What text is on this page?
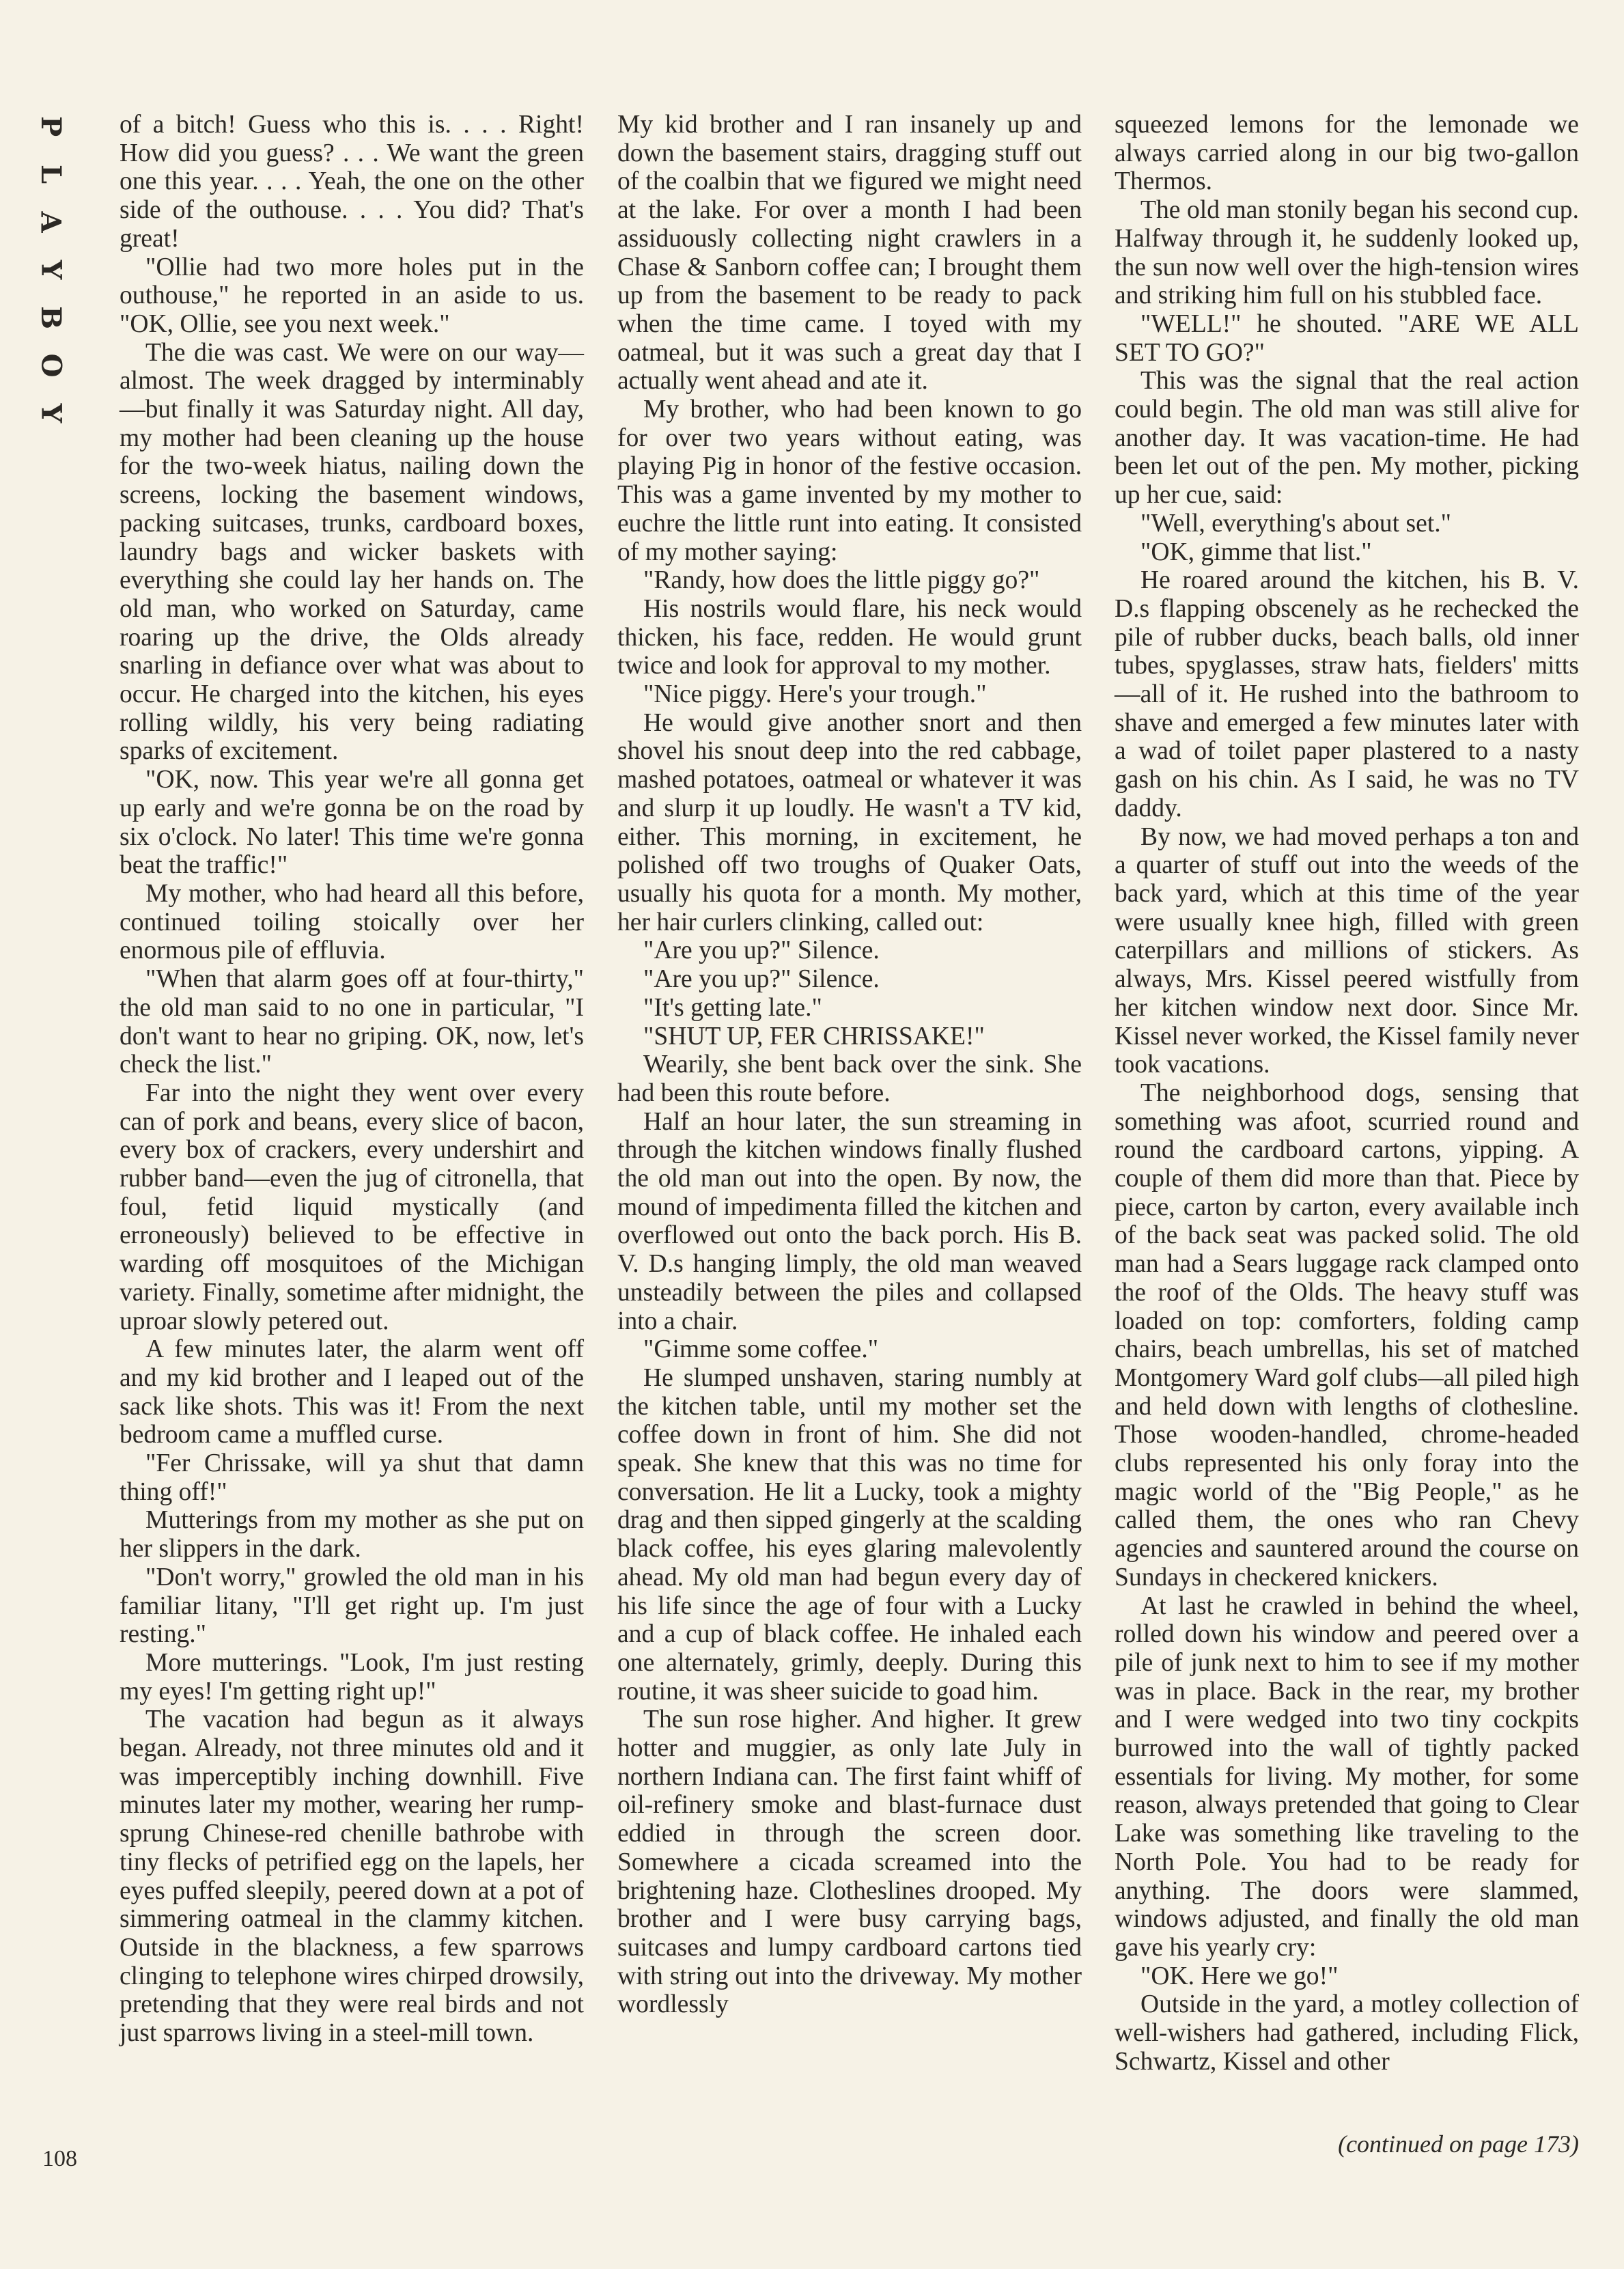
P
L
A
Y
B
O
Y

of a bitch! Guess who this is. . . . Right! How did you guess? . . . We want the green one this year. . . . Yeah, the one on the other side of the outhouse. . . . You did? That's great!

"Ollie had two more holes put in the outhouse," he reported in an aside to us. "OK, Ollie, see you next week."

The die was cast. We were on our way—almost. The week dragged by interminably—but finally it was Saturday night. All day, my mother had been cleaning up the house for the two-week hiatus, nailing down the screens, locking the basement windows, packing suitcases, trunks, cardboard boxes, laundry bags and wicker baskets with everything she could lay her hands on. The old man, who worked on Saturday, came roaring up the drive, the Olds already snarling in defiance over what was about to occur. He charged into the kitchen, his eyes rolling wildly, his very being radiating sparks of excitement.

"OK, now. This year we're all gonna get up early and we're gonna be on the road by six o'clock. No later! This time we're gonna beat the traffic!"

My mother, who had heard all this before, continued toiling stoically over her enormous pile of effluvia.

"When that alarm goes off at four-thirty," the old man said to no one in particular, "I don't want to hear no griping. OK, now, let's check the list."

Far into the night they went over every can of pork and beans, every slice of bacon, every box of crackers, every undershirt and rubber band—even the jug of citronella, that foul, fetid liquid mystically (and erroneously) believed to be effective in warding off mosquitoes of the Michigan variety. Finally, sometime after midnight, the uproar slowly petered out.

A few minutes later, the alarm went off and my kid brother and I leaped out of the sack like shots. This was it! From the next bedroom came a muffled curse.

"Fer Chrissake, will ya shut that damn thing off!"

Mutterings from my mother as she put on her slippers in the dark.

"Don't worry," growled the old man in his familiar litany, "I'll get right up. I'm just resting."

More mutterings. "Look, I'm just resting my eyes! I'm getting right up!"

The vacation had begun as it always began. Already, not three minutes old and it was imperceptibly inching downhill. Five minutes later my mother, wearing her rump-sprung Chinese-red chenille bathrobe with tiny flecks of petrified egg on the lapels, her eyes puffed sleepily, peered down at a pot of simmering oatmeal in the clammy kitchen. Outside in the blackness, a few sparrows clinging to telephone wires chirped drowsily, pretending that they were real birds and not just sparrows living in a steel-mill town.

My kid brother and I ran insanely up and down the basement stairs, dragging stuff out of the coalbin that we figured we might need at the lake. For over a month I had been assiduously collecting night crawlers in a Chase & Sanborn coffee can; I brought them up from the basement to be ready to pack when the time came. I toyed with my oatmeal, but it was such a great day that I actually went ahead and ate it.

My brother, who had been known to go for over two years without eating, was playing Pig in honor of the festive occasion. This was a game invented by my mother to euchre the little runt into eating. It consisted of my mother saying:

"Randy, how does the little piggy go?"

His nostrils would flare, his neck would thicken, his face, redden. He would grunt twice and look for approval to my mother.

"Nice piggy. Here's your trough."

He would give another snort and then shovel his snout deep into the red cabbage, mashed potatoes, oatmeal or whatever it was and slurp it up loudly. He wasn't a TV kid, either. This morning, in excitement, he polished off two troughs of Quaker Oats, usually his quota for a month. My mother, her hair curlers clinking, called out:

"Are you up?" Silence.

"Are you up?" Silence.

"It's getting late."

"SHUT UP, FER CHRISSAKE!"

Wearily, she bent back over the sink. She had been this route before.

Half an hour later, the sun streaming in through the kitchen windows finally flushed the old man out into the open. By now, the mound of impedimenta filled the kitchen and overflowed out onto the back porch. His B. V. D.s hanging limply, the old man weaved unsteadily between the piles and collapsed into a chair.

"Gimme some coffee."

He slumped unshaven, staring numbly at the kitchen table, until my mother set the coffee down in front of him. She did not speak. She knew that this was no time for conversation. He lit a Lucky, took a mighty drag and then sipped gingerly at the scalding black coffee, his eyes glaring malevolently ahead. My old man had begun every day of his life since the age of four with a Lucky and a cup of black coffee. He inhaled each one alternately, grimly, deeply. During this routine, it was sheer suicide to goad him.

The sun rose higher. And higher. It grew hotter and muggier, as only late July in northern Indiana can. The first faint whiff of oil-refinery smoke and blast-furnace dust eddied in through the screen door. Somewhere a cicada screamed into the brightening haze. Clotheslines drooped. My brother and I were busy carrying bags, suitcases and lumpy cardboard cartons tied with string out into the driveway. My mother wordlessly

squeezed lemons for the lemonade we always carried along in our big two-gallon Thermos.

The old man stonily began his second cup. Halfway through it, he suddenly looked up, the sun now well over the high-tension wires and striking him full on his stubbled face.

"WELL!" he shouted. "ARE WE ALL SET TO GO?"

This was the signal that the real action could begin. The old man was still alive for another day. It was vacation-time. He had been let out of the pen. My mother, picking up her cue, said:

"Well, everything's about set."

"OK, gimme that list."

He roared around the kitchen, his B. V. D.s flapping obscenely as he rechecked the pile of rubber ducks, beach balls, old inner tubes, spyglasses, straw hats, fielders' mitts—all of it. He rushed into the bathroom to shave and emerged a few minutes later with a wad of toilet paper plastered to a nasty gash on his chin. As I said, he was no TV daddy.

By now, we had moved perhaps a ton and a quarter of stuff out into the weeds of the back yard, which at this time of the year were usually knee high, filled with green caterpillars and millions of stickers. As always, Mrs. Kissel peered wistfully from her kitchen window next door. Since Mr. Kissel never worked, the Kissel family never took vacations.

The neighborhood dogs, sensing that something was afoot, scurried round and round the cardboard cartons, yipping. A couple of them did more than that. Piece by piece, carton by carton, every available inch of the back seat was packed solid. The old man had a Sears luggage rack clamped onto the roof of the Olds. The heavy stuff was loaded on top: comforters, folding camp chairs, beach umbrellas, his set of matched Montgomery Ward golf clubs—all piled high and held down with lengths of clothesline. Those wooden-handled, chrome-headed clubs represented his only foray into the magic world of the "Big People," as he called them, the ones who ran Chevy agencies and sauntered around the course on Sundays in checkered knickers.

At last he crawled in behind the wheel, rolled down his window and peered over a pile of junk next to him to see if my mother was in place. Back in the rear, my brother and I were wedged into two tiny cockpits burrowed into the wall of tightly packed essentials for living. My mother, for some reason, always pretended that going to Clear Lake was something like traveling to the North Pole. You had to be ready for anything. The doors were slammed, windows adjusted, and finally the old man gave his yearly cry:

"OK. Here we go!"

Outside in the yard, a motley collection of well-wishers had gathered, including Flick, Schwartz, Kissel and other

108
(continued on page 173)
